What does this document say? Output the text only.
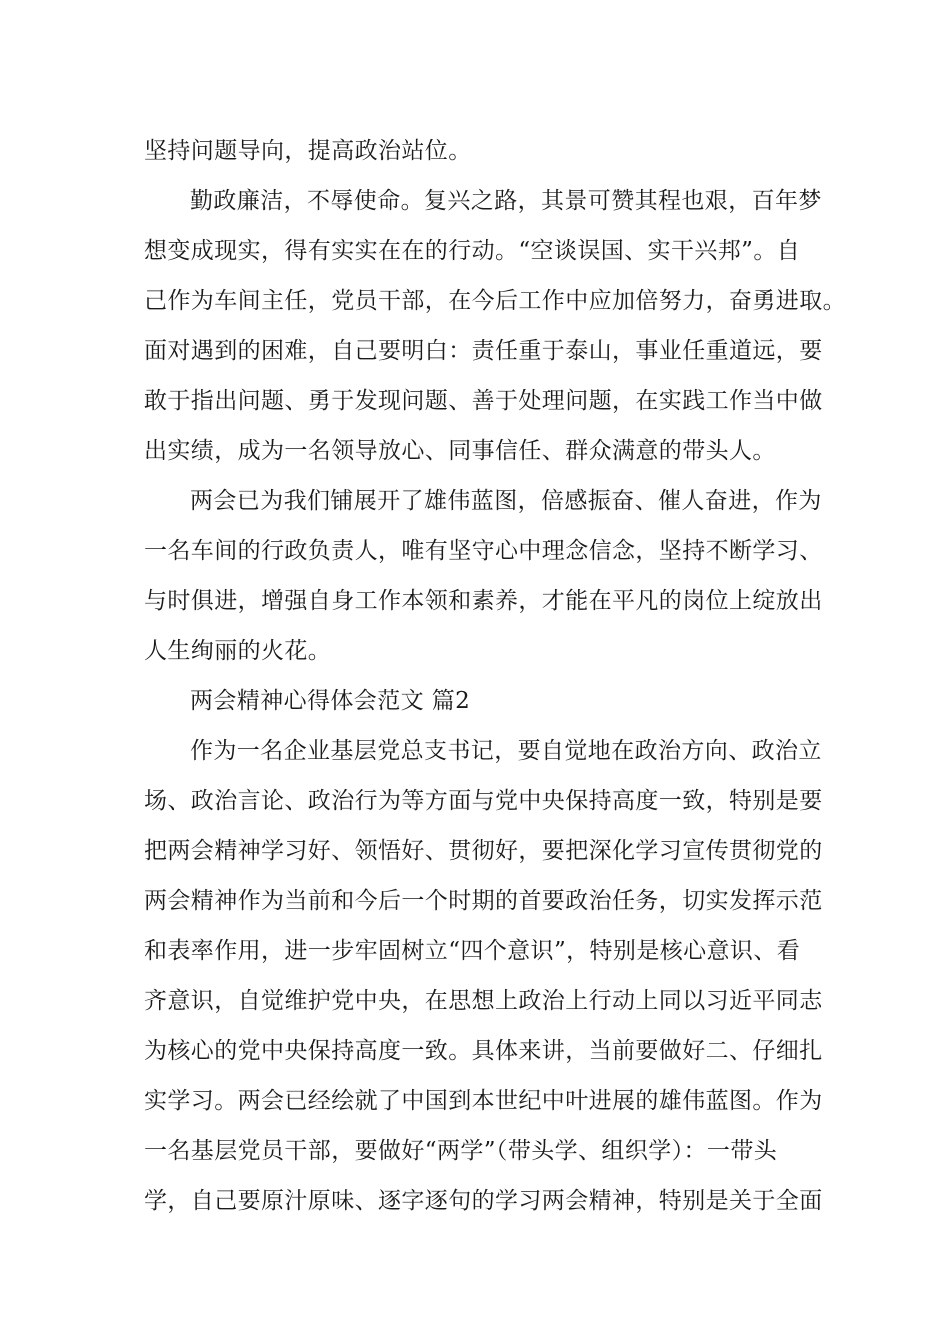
坚持问题导向，提高政治站位。
勤政廉洁，不辱使命。复兴之路，其景可赞其程也艰，百年梦
想变成现实，得有实实在在的行动。“空谈误国、实干兴邦”。自
己作为车间主任，党员干部，在今后工作中应加倍努力，奋勇进取。
面对遇到的困难，自己要明白：责任重于泰山，事业任重道远，要
敢于指出问题、勇于发现问题、善于处理问题，在实践工作当中做
出实绩，成为一名领导放心、同事信任、群众满意的带头人。
两会已为我们铺展开了雄伟蓝图，倍感振奋、催人奋进，作为
一名车间的行政负责人，唯有坚守心中理念信念，坚持不断学习、
与时俱进，增强自身工作本领和素养，才能在平凡的岗位上绽放出
人生绚丽的火花。
两会精神心得体会范文 篇2
作为一名企业基层党总支书记，要自觉地在政治方向、政治立
场、政治言论、政治行为等方面与党中央保持高度一致，特别是要
把两会精神学习好、领悟好、贯彻好，要把深化学习宣传贯彻党的
两会精神作为当前和今后一个时期的首要政治任务，切实发挥示范
和表率作用，进一步牢固树立“四个意识”，特别是核心意识、看
齐意识，自觉维护党中央，在思想上政治上行动上同以习近平同志
为核心的党中央保持高度一致。具体来讲，当前要做好二、仔细扎
实学习。两会已经绘就了中国到本世纪中叶进展的雄伟蓝图。作为
一名基层党员干部，要做好“两学”（带头学、组织学）：一带头
学，自己要原汁原味、逐字逐句的学习两会精神，特别是关于全面
